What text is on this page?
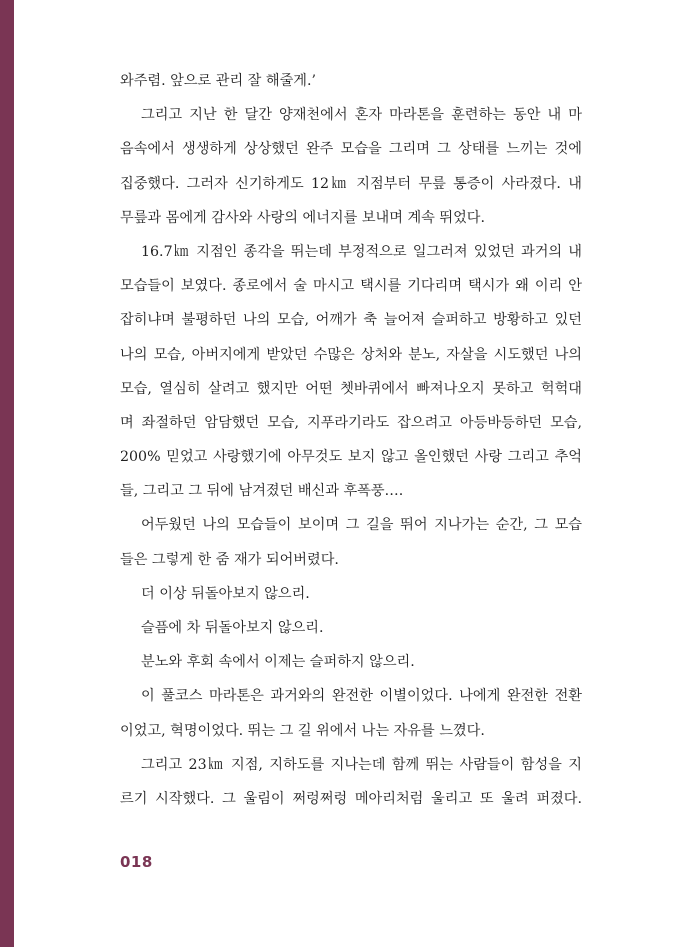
와주렴. 앞으로 관리 잘 해줄게.’
그리고 지난 한 달간 양재천에서 혼자 마라톤을 훈련하는 동안 내 마
음속에서 생생하게 상상했던 완주 모습을 그리며 그 상태를 느끼는 것에
집중했다. 그러자 신기하게도 12㎞ 지점부터 무릎 통증이 사라졌다. 내
무릎과 몸에게 감사와 사랑의 에너지를 보내며 계속 뛰었다.
16.7㎞ 지점인 종각을 뛰는데 부정적으로 일그러져 있었던 과거의 내
모습들이 보였다. 종로에서 술 마시고 택시를 기다리며 택시가 왜 이리 안
잡히냐며 불평하던 나의 모습, 어깨가 축 늘어져 슬퍼하고 방황하고 있던
나의 모습, 아버지에게 받았던 수많은 상처와 분노, 자살을 시도했던 나의
모습, 열심히 살려고 했지만 어떤 쳇바퀴에서 빠져나오지 못하고 헉헉대
며 좌절하던 암담했던 모습, 지푸라기라도 잡으려고 아등바등하던 모습,
200% 믿었고 사랑했기에 아무것도 보지 않고 올인했던 사랑 그리고 추억
들, 그리고 그 뒤에 남겨졌던 배신과 후폭풍….
어두웠던 나의 모습들이 보이며 그 길을 뛰어 지나가는 순간, 그 모습
들은 그렇게 한 줌 재가 되어버렸다.
더 이상 뒤돌아보지 않으리.
슬픔에 차 뒤돌아보지 않으리.
분노와 후회 속에서 이제는 슬퍼하지 않으리.
이 풀코스 마라톤은 과거와의 완전한 이별이었다. 나에게 완전한 전환
이었고, 혁명이었다. 뛰는 그 길 위에서 나는 자유를 느꼈다.
그리고 23㎞ 지점, 지하도를 지나는데 함께 뛰는 사람들이 함성을 지
르기 시작했다. 그 울림이 쩌렁쩌렁 메아리처럼 울리고 또 울려 퍼졌다.
018
